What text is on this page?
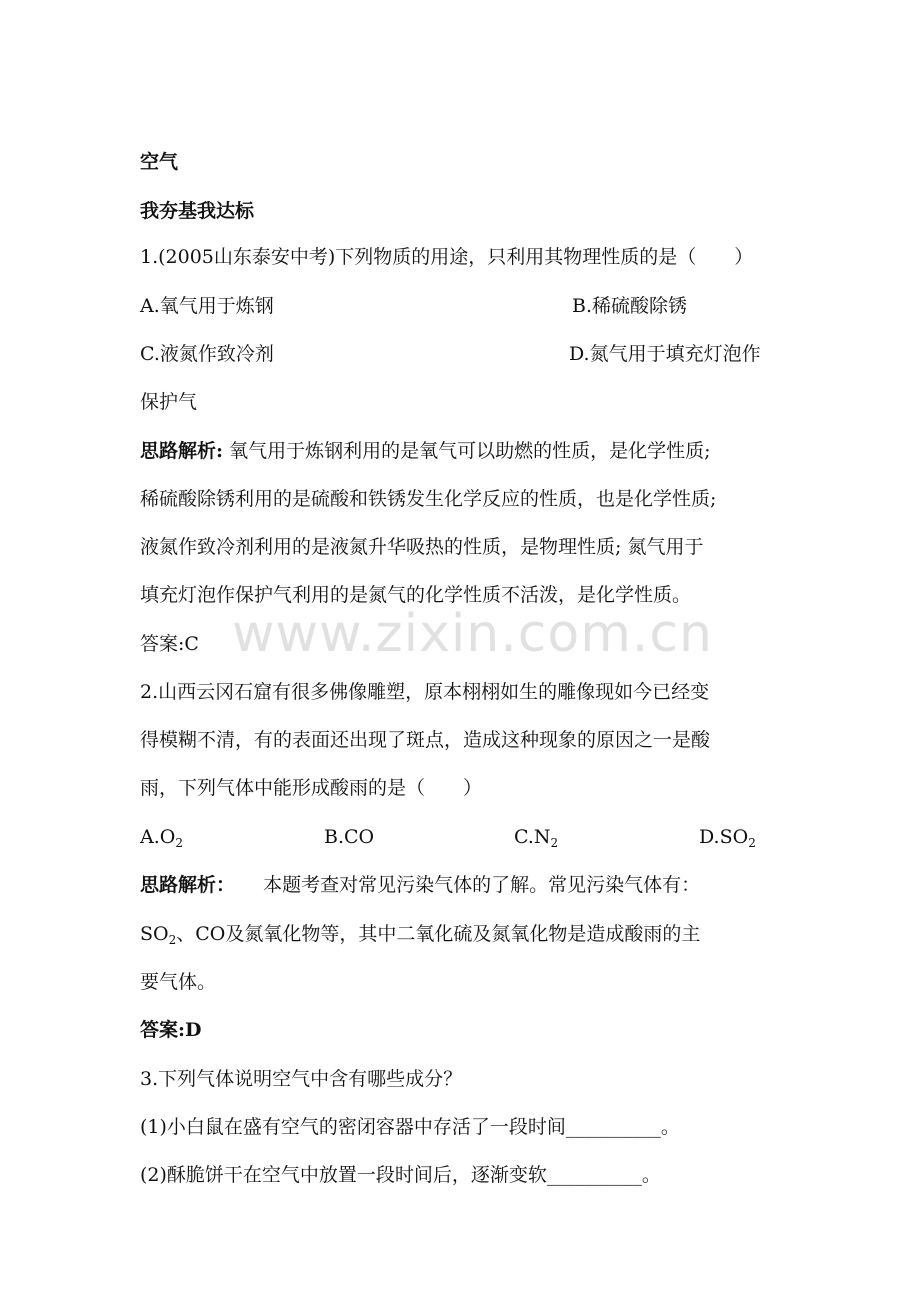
www.zixin.com.cn
空气
我夯基我达标
1.(2005山东泰安中考)下列物质的用途，只利用其物理性质的是（　　）
A.氧气用于炼钢	B.稀硫酸除锈
C.液氮作致冷剂	D.氮气用于填充灯泡作
保护气
思路解析: 氧气用于炼钢利用的是氧气可以助燃的性质，是化学性质;
稀硫酸除锈利用的是硫酸和铁锈发生化学反应的性质，也是化学性质;
液氮作致冷剂利用的是液氮升华吸热的性质，是物理性质; 氮气用于
填充灯泡作保护气利用的是氮气的化学性质不活泼，是化学性质。
答案:C
2.山西云冈石窟有很多佛像雕塑，原本栩栩如生的雕像现如今已经变
得模糊不清，有的表面还出现了斑点，造成这种现象的原因之一是酸
雨，下列气体中能形成酸雨的是（　　）
$A.O_2$	B.CO	$C.N_2$	$D.SO_2$
思路解析： 本题考查对常见污染气体的了解。常见污染气体有：
$SO_2$、CO及氮氧化物等，其中二氧化硫及氮氧化物是造成酸雨的主
要气体。
答案:D
3.下列气体说明空气中含有哪些成分？
(1)小白鼠在盛有空气的密闭容器中存活了一段时间__________。
(2)酥脆饼干在空气中放置一段时间后，逐渐变软__________。
